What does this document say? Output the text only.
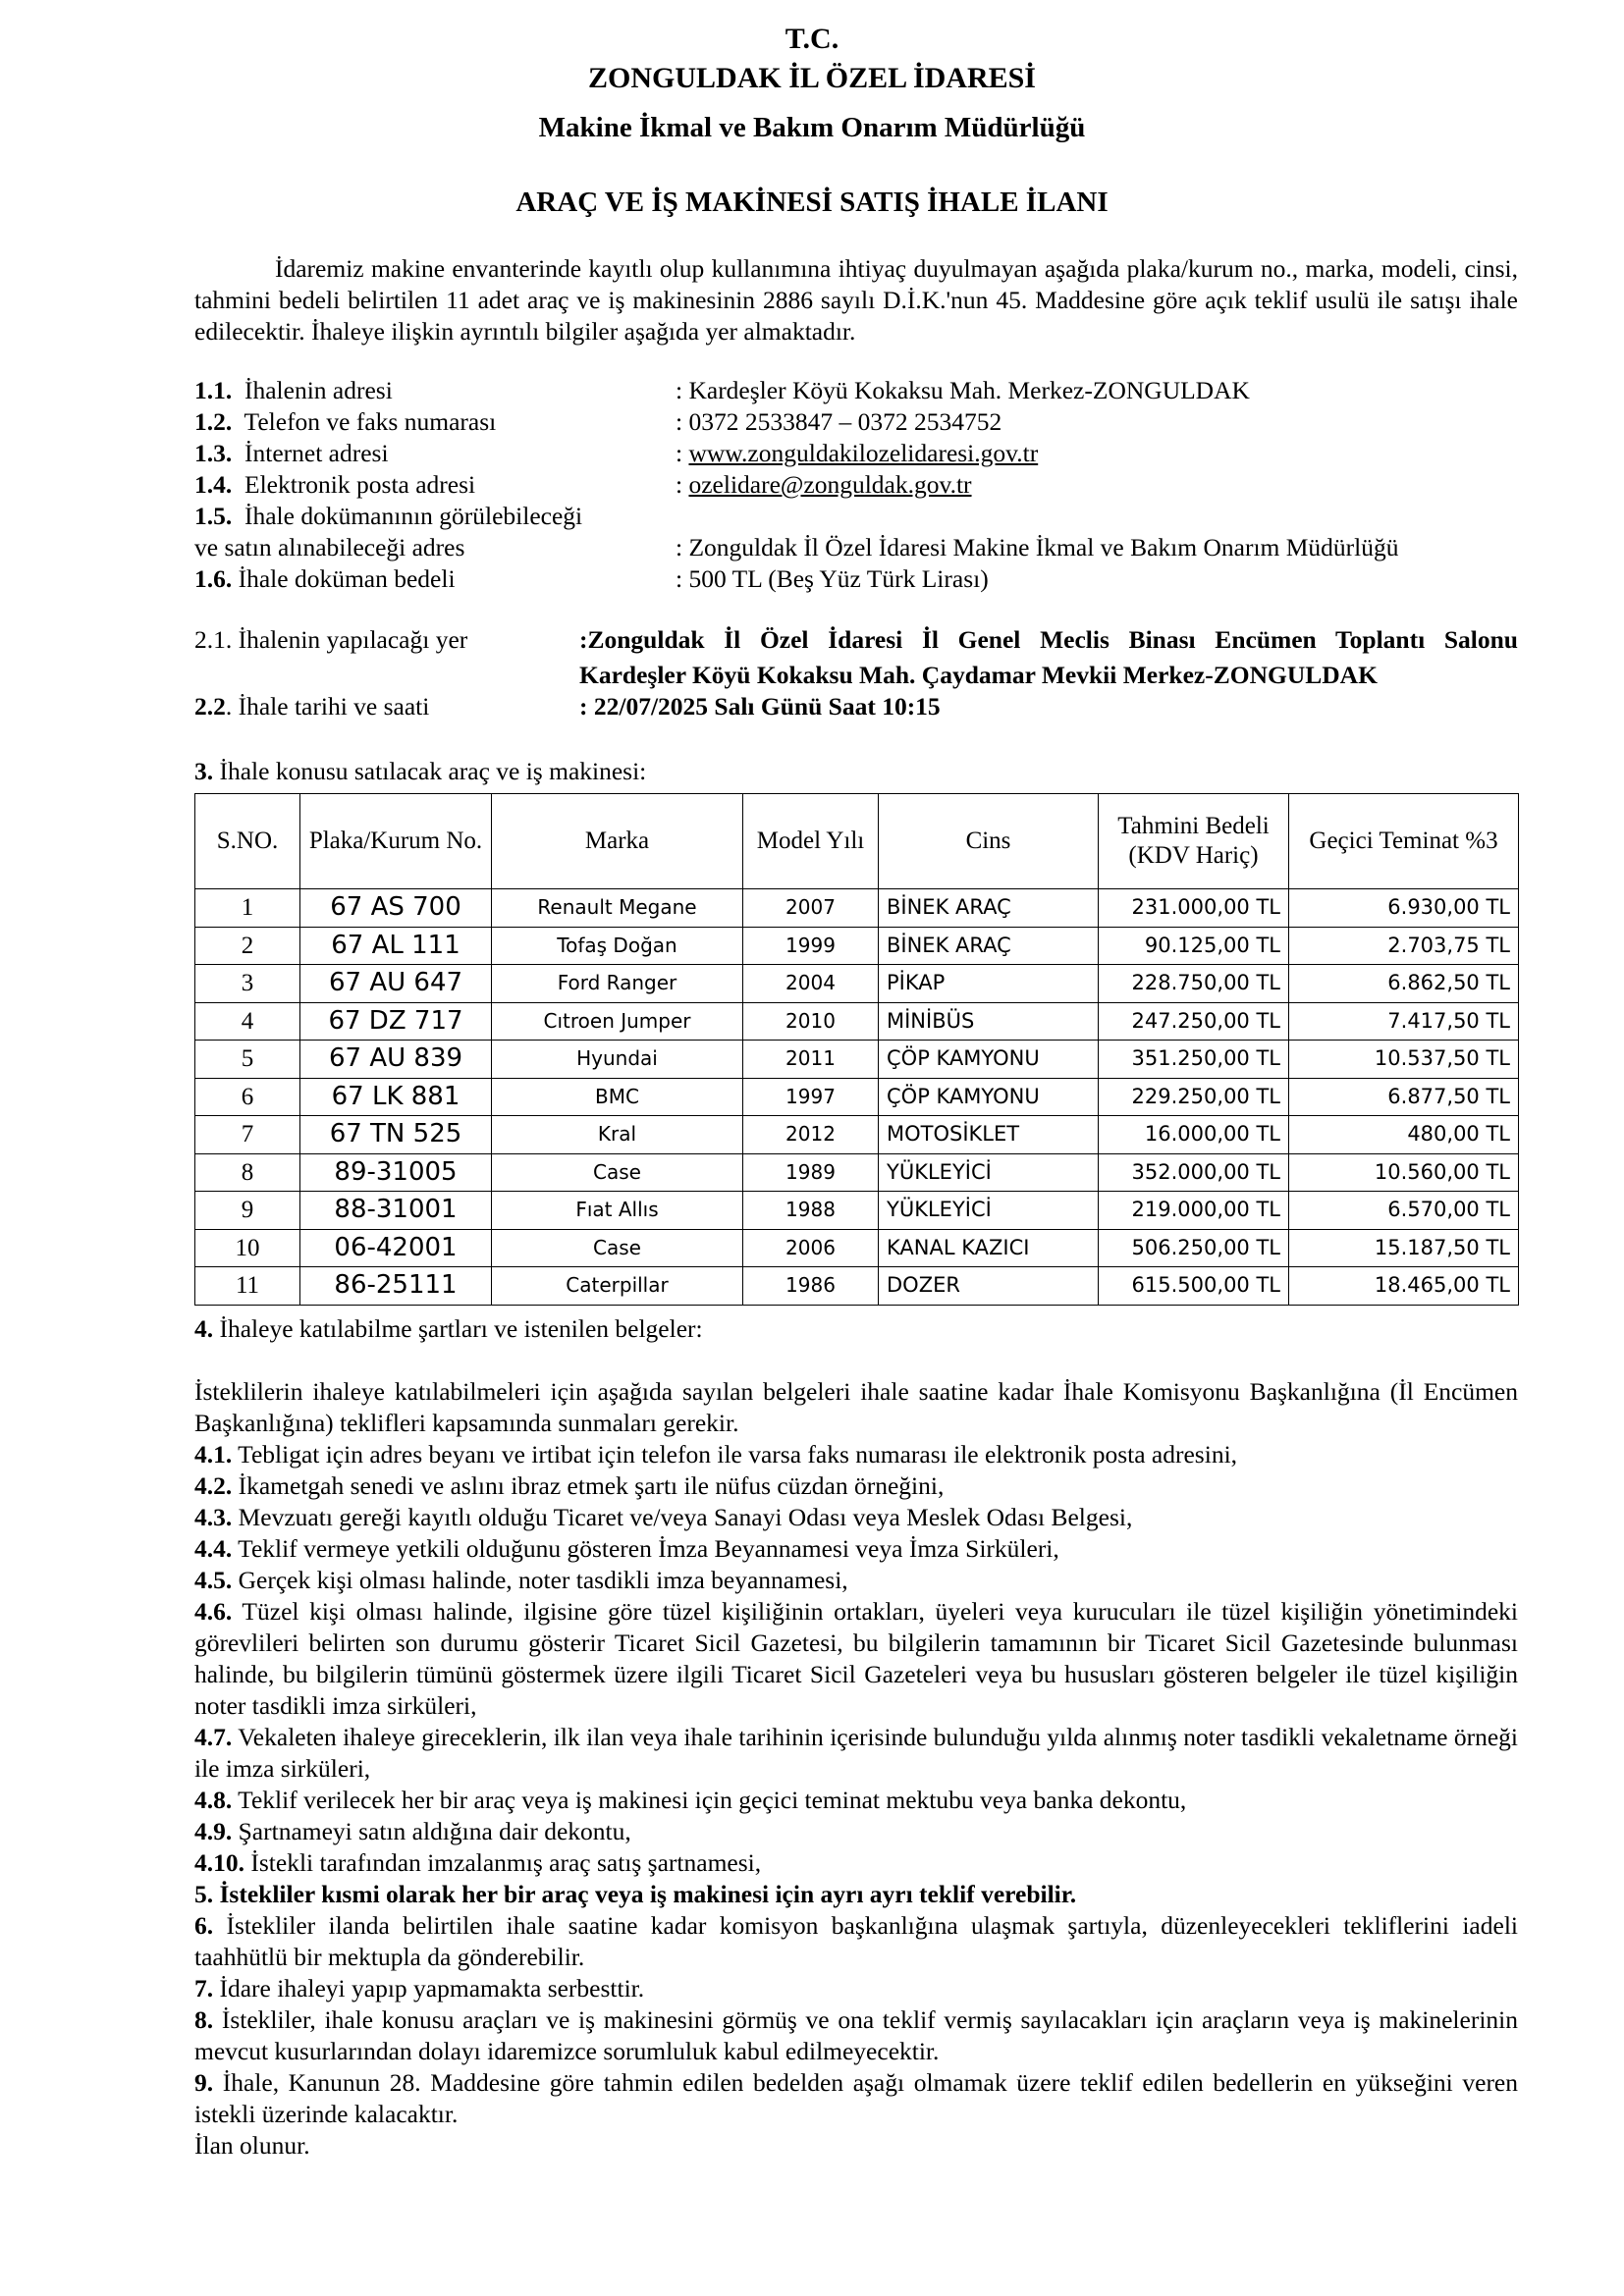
T.C.
ZONGULDAK İL ÖZEL İDARESİ
Makine İkmal ve Bakım Onarım Müdürlüğü
ARAÇ VE İŞ MAKİNESİ SATIŞ İHALE İLANI

İdaremiz makine envanterinde kayıtlı olup kullanımına ihtiyaç duyulmayan aşağıda plaka/kurum no., marka, modeli, cinsi, tahmini bedeli belirtilen 11 adet araç ve iş makinesinin 2886 sayılı D.İ.K.'nun 45. Maddesine göre açık teklif usulü ile satışı ihale edilecektir. İhaleye ilişkin ayrıntılı bilgiler aşağıda yer almaktadır.

1.1. İhalenin adresi	: Kardeşler Köyü Kokaksu Mah. Merkez-ZONGULDAK
1.2. Telefon ve faks numarası	: 0372 2533847 – 0372 2534752
1.3. İnternet adresi	: www.zonguldakilozelidaresi.gov.tr
1.4. Elektronik posta adresi	: ozelidare@zonguldak.gov.tr
1.5. İhale dokümanının görülebileceği
ve satın alınabileceği adres	: Zonguldak İl Özel İdaresi Makine İkmal ve Bakım Onarım Müdürlüğü
1.6. İhale doküman bedeli	: 500 TL (Beş Yüz Türk Lirası)
2.1. İhalenin yapılacağı yer	:Zonguldak İl Özel İdaresi İl Genel Meclis Binası Encümen Toplantı Salonu
Kardeşler Köyü Kokaksu Mah. Çaydamar Mevkii Merkez-ZONGULDAK
2.2. İhale tarihi ve saati	: 22/07/2025 Salı Günü Saat 10:15
3. İhale konusu satılacak araç ve iş makinesi:
S.NO.	Plaka/Kurum No.	Marka	Model Yılı	Cins	Tahmini Bedeli (KDV Hariç)	Geçici Teminat %3
1	67 AS 700	Renault Megane	2007	BİNEK ARAÇ	231.000,00 TL	6.930,00 TL
2	67 AL 111	Tofaş Doğan	1999	BİNEK ARAÇ	90.125,00 TL	2.703,75 TL
3	67 AU 647	Ford Ranger	2004	PİKAP	228.750,00 TL	6.862,50 TL
4	67 DZ 717	Cıtroen Jumper	2010	MİNİBÜS	247.250,00 TL	7.417,50 TL
5	67 AU 839	Hyundai	2011	ÇÖP KAMYONU	351.250,00 TL	10.537,50 TL
6	67 LK 881	BMC	1997	ÇÖP KAMYONU	229.250,00 TL	6.877,50 TL
7	67 TN 525	Kral	2012	MOTOSİKLET	16.000,00 TL	480,00 TL
8	89-31005	Case	1989	YÜKLEYİCİ	352.000,00 TL	10.560,00 TL
9	88-31001	Fıat Allıs	1988	YÜKLEYİCİ	219.000,00 TL	6.570,00 TL
10	06-42001	Case	2006	KANAL KAZICI	506.250,00 TL	15.187,50 TL
11	86-25111	Caterpillar	1986	DOZER	615.500,00 TL	18.465,00 TL

4. İhaleye katılabilme şartları ve istenilen belgeler:

İsteklilerin ihaleye katılabilmeleri için aşağıda sayılan belgeleri ihale saatine kadar İhale Komisyonu Başkanlığına (İl Encümen Başkanlığına) teklifleri kapsamında sunmaları gerekir.

4.1. Tebligat için adres beyanı ve irtibat için telefon ile varsa faks numarası ile elektronik posta adresini,

4.2. İkametgah senedi ve aslını ibraz etmek şartı ile nüfus cüzdan örneğini,

4.3. Mevzuatı gereği kayıtlı olduğu Ticaret ve/veya Sanayi Odası veya Meslek Odası Belgesi,

4.4. Teklif vermeye yetkili olduğunu gösteren İmza Beyannamesi veya İmza Sirküleri,

4.5. Gerçek kişi olması halinde, noter tasdikli imza beyannamesi,

4.6. Tüzel kişi olması halinde, ilgisine göre tüzel kişiliğinin ortakları, üyeleri veya kurucuları ile tüzel kişiliğin yönetimindeki görevlileri belirten son durumu gösterir Ticaret Sicil Gazetesi, bu bilgilerin tamamının bir Ticaret Sicil Gazetesinde bulunması halinde, bu bilgilerin tümünü göstermek üzere ilgili Ticaret Sicil Gazeteleri veya bu hususları gösteren belgeler ile tüzel kişiliğin noter tasdikli imza sirküleri,

4.7. Vekaleten ihaleye gireceklerin, ilk ilan veya ihale tarihinin içerisinde bulunduğu yılda alınmış noter tasdikli vekaletname örneği ile imza sirküleri,

4.8. Teklif verilecek her bir araç veya iş makinesi için geçici teminat mektubu veya banka dekontu,

4.9. Şartnameyi satın aldığına dair dekontu,

4.10. İstekli tarafından imzalanmış araç satış şartnamesi,

5. İstekliler kısmi olarak her bir araç veya iş makinesi için ayrı ayrı teklif verebilir.

6. İstekliler ilanda belirtilen ihale saatine kadar komisyon başkanlığına ulaşmak şartıyla, düzenleyecekleri tekliflerini iadeli taahhütlü bir mektupla da gönderebilir.

7. İdare ihaleyi yapıp yapmamakta serbesttir.

8. İstekliler, ihale konusu araçları ve iş makinesini görmüş ve ona teklif vermiş sayılacakları için araçların veya iş makinelerinin mevcut kusurlarından dolayı idaremizce sorumluluk kabul edilmeyecektir.

9. İhale, Kanunun 28. Maddesine göre tahmin edilen bedelden aşağı olmamak üzere teklif edilen bedellerin en yükseğini veren istekli üzerinde kalacaktır.

İlan olunur.
